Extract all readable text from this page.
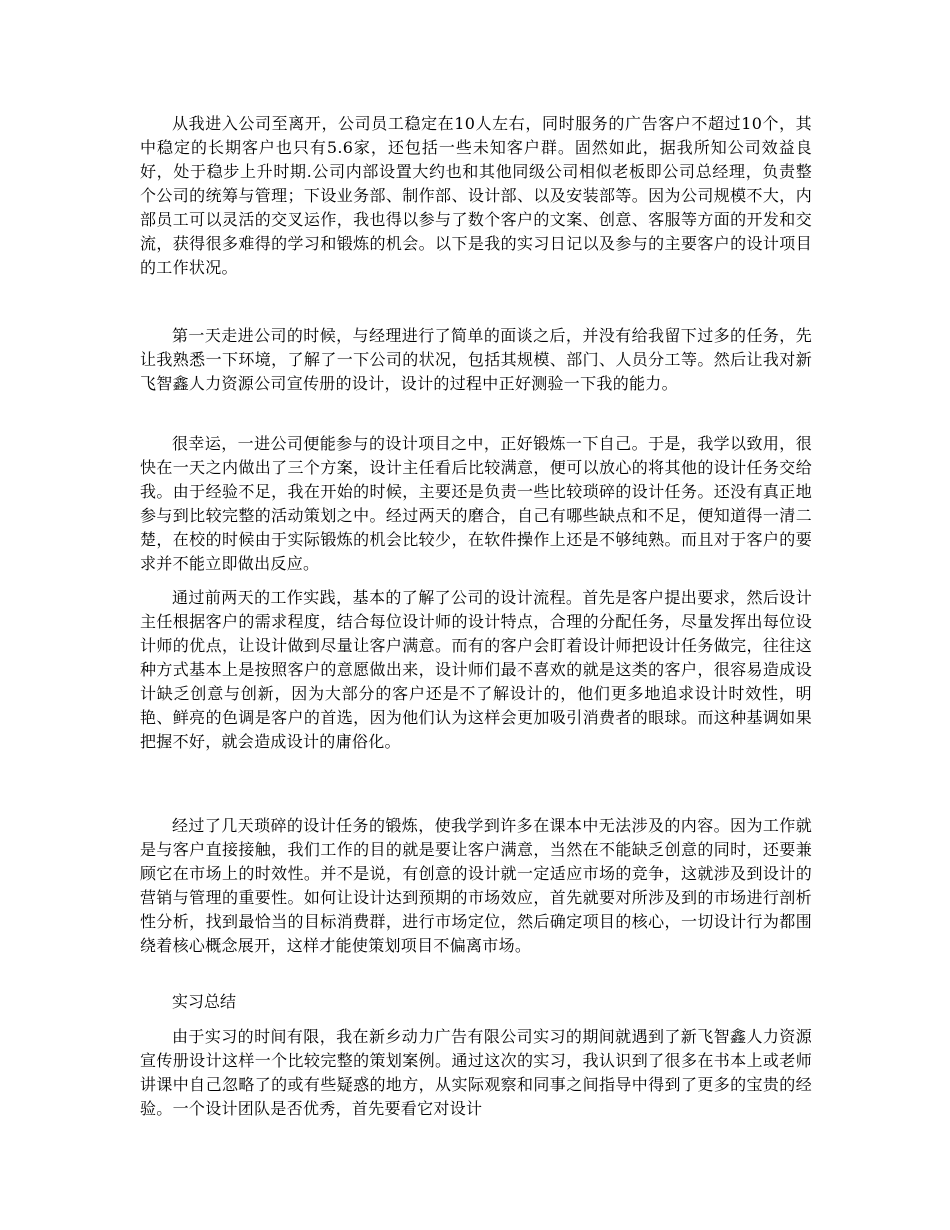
从我进入公司至离开，公司员工稳定在10人左右，同时服务的广告客户不超过10个，其中稳定的长期客户也只有5.6家，还包括一些未知客户群。固然如此，据我所知公司效益良好，处于稳步上升时期.公司内部设置大约也和其他同级公司相似老板即公司总经理，负责整个公司的统筹与管理；下设业务部、制作部、设计部、以及安装部等。因为公司规模不大，内部员工可以灵活的交叉运作，我也得以参与了数个客户的文案、创意、客服等方面的开发和交流，获得很多难得的学习和锻炼的机会。以下是我的实习日记以及参与的主要客户的设计项目的工作状况。

第一天走进公司的时候，与经理进行了简单的面谈之后，并没有给我留下过多的任务，先让我熟悉一下环境，了解了一下公司的状况，包括其规模、部门、人员分工等。然后让我对新飞智鑫人力资源公司宣传册的设计，设计的过程中正好测验一下我的能力。

很幸运，一进公司便能参与的设计项目之中，正好锻炼一下自己。于是，我学以致用，很快在一天之内做出了三个方案，设计主任看后比较满意，便可以放心的将其他的设计任务交给我。由于经验不足，我在开始的时候，主要还是负责一些比较琐碎的设计任务。还没有真正地参与到比较完整的活动策划之中。经过两天的磨合，自己有哪些缺点和不足，便知道得一清二楚，在校的时候由于实际锻炼的机会比较少，在软件操作上还是不够纯熟。而且对于客户的要求并不能立即做出反应。

通过前两天的工作实践，基本的了解了公司的设计流程。首先是客户提出要求，然后设计主任根据客户的需求程度，结合每位设计师的设计特点，合理的分配任务，尽量发挥出每位设计师的优点，让设计做到尽量让客户满意。而有的客户会盯着设计师把设计任务做完，往往这种方式基本上是按照客户的意愿做出来，设计师们最不喜欢的就是这类的客户，很容易造成设计缺乏创意与创新，因为大部分的客户还是不了解设计的，他们更多地追求设计时效性，明艳、鲜亮的色调是客户的首选，因为他们认为这样会更加吸引消费者的眼球。而这种基调如果把握不好，就会造成设计的庸俗化。

经过了几天琐碎的设计任务的锻炼，使我学到许多在课本中无法涉及的内容。因为工作就是与客户直接接触，我们工作的目的就是要让客户满意，当然在不能缺乏创意的同时，还要兼顾它在市场上的时效性。并不是说，有创意的设计就一定适应市场的竞争，这就涉及到设计的营销与管理的重要性。如何让设计达到预期的市场效应，首先就要对所涉及到的市场进行剖析性分析，找到最恰当的目标消费群，进行市场定位，然后确定项目的核心，一切设计行为都围绕着核心概念展开，这样才能使策划项目不偏离市场。

实习总结

由于实习的时间有限，我在新乡动力广告有限公司实习的期间就遇到了新飞智鑫人力资源宣传册设计这样一个比较完整的策划案例。通过这次的实习，我认识到了很多在书本上或老师讲课中自己忽略了的或有些疑惑的地方，从实际观察和同事之间指导中得到了更多的宝贵的经验。一个设计团队是否优秀，首先要看它对设计
